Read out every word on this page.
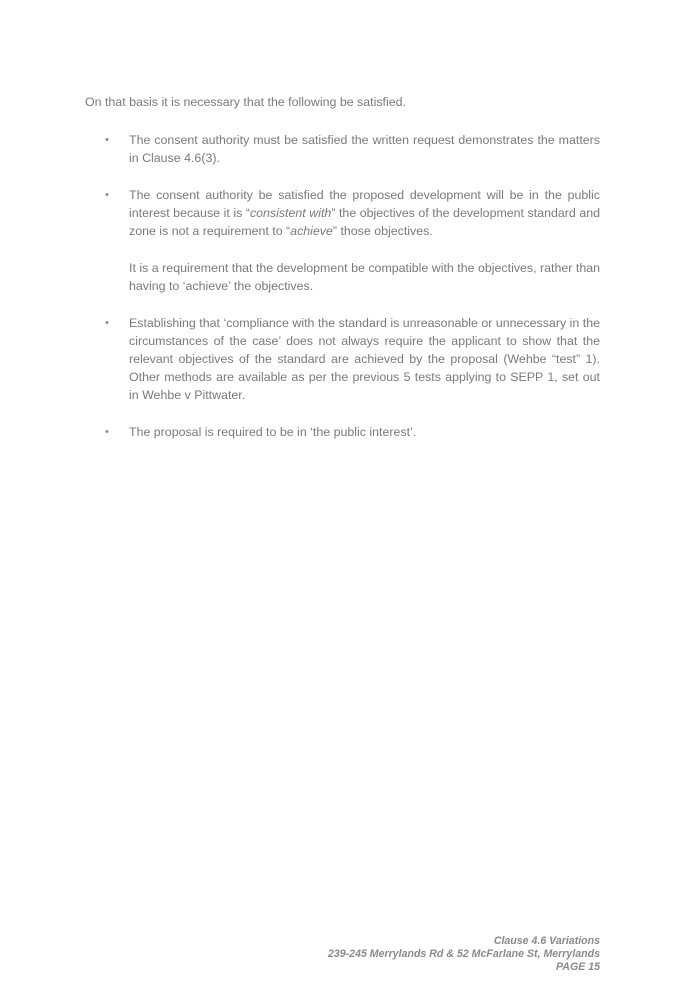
On that basis it is necessary that the following be satisfied.

•	The consent authority must be satisfied the written request demonstrates the matters in Clause 4.6(3).

•	The consent authority be satisfied the proposed development will be in the public interest because it is “consistent with” the objectives of the development standard and zone is not a requirement to “achieve” those objectives.

It is a requirement that the development be compatible with the objectives, rather than having to ‘achieve’ the objectives.

•	Establishing that ‘compliance with the standard is unreasonable or unnecessary in the circumstances of the case’ does not always require the applicant to show that the relevant objectives of the standard are achieved by the proposal (Wehbe “test” 1). Other methods are available as per the previous 5 tests applying to SEPP 1, set out in Wehbe v Pittwater.

•	The proposal is required to be in ‘the public interest’.

Clause 4.6 Variations
239-245 Merrylands Rd & 52 McFarlane St, Merrylands
PAGE 15
